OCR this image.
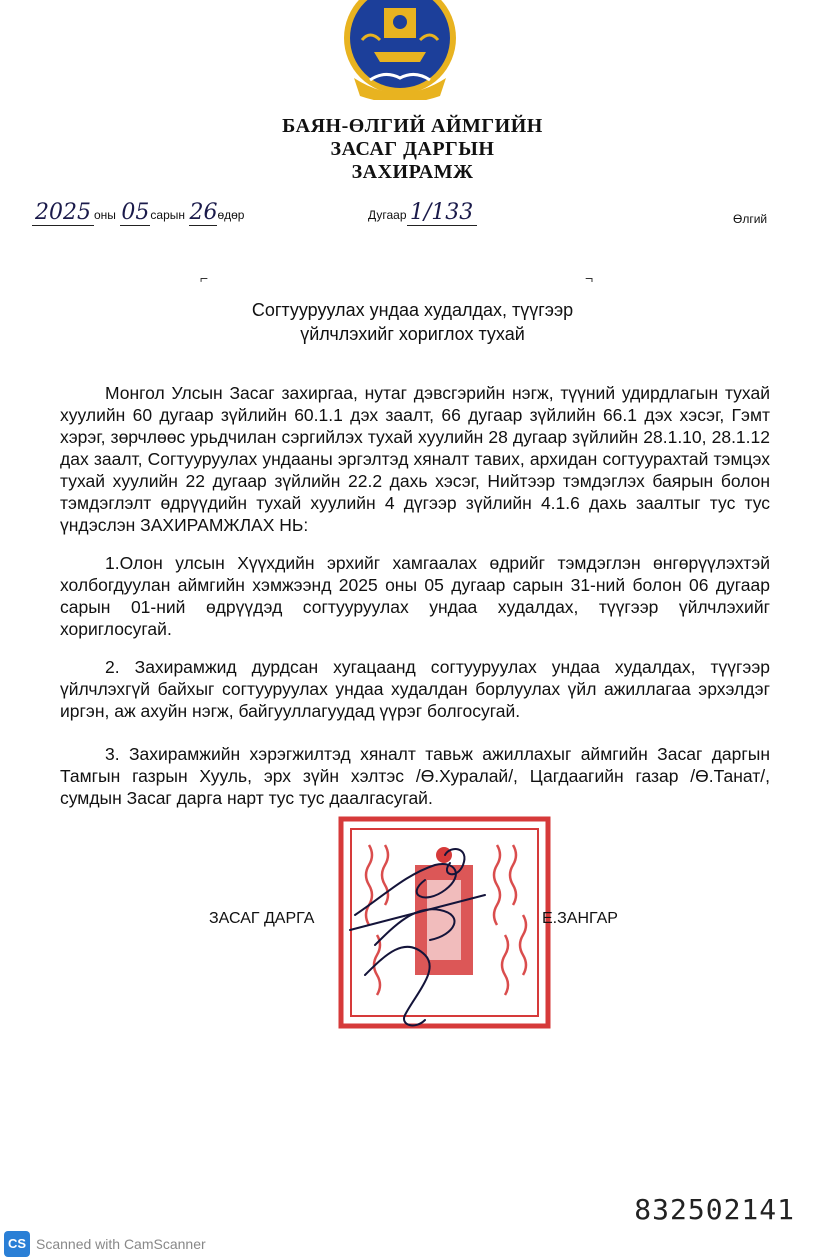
БАЯН-ӨЛГИЙ АЙМГИЙН
ЗАСАГ ДАРГЫН
ЗАХИРАМЖ
2025 оны 05сарын 26өдөр	Дугаар 1/133	Өлгий
⌐	¬
Согтууруулах ундаа худалдах, түүгээр
үйлчлэхийг хориглох тухай
Монгол Улсын Засаг захиргаа, нутаг дэвсгэрийн нэгж, түүний удирдлагын тухай хуулийн 60 дугаар зүйлийн 60.1.1 дэх заалт, 66 дугаар зүйлийн 66.1 дэх хэсэг, Гэмт хэрэг, зөрчлөөс урьдчилан сэргийлэх тухай хуулийн 28 дугаар зүйлийн 28.1.10, 28.1.12 дах заалт, Согтууруулах ундааны эргэлтэд хяналт тавих, архидан согтуурахтай тэмцэх тухай хуулийн 22 дугаар зүйлийн 22.2 дахь хэсэг, Нийтээр тэмдэглэх баярын болон тэмдэглэлт өдрүүдийн тухай хуулийн 4 дүгээр зүйлийн 4.1.6 дахь заалтыг тус тус үндэслэн ЗАХИРАМЖЛАХ НЬ:
1.Олон улсын Хүүхдийн эрхийг хамгаалах өдрийг тэмдэглэн өнгөрүүлэхтэй холбогдуулан аймгийн хэмжээнд 2025 оны 05 дугаар сарын 31-ний болон 06 дугаар сарын 01-ний өдрүүдэд согтууруулах ундаа худалдах, түүгээр үйлчлэхийг хориглосугай.
2. Захирамжид дурдсан хугацаанд согтууруулах ундаа худалдах, түүгээр үйлчлэхгүй байхыг согтууруулах ундаа худалдан борлуулах үйл ажиллагаа эрхэлдэг иргэн, аж ахуйн нэгж, байгууллагуудад үүрэг болгосугай.
3. Захирамжийн хэрэгжилтэд хяналт тавьж ажиллахыг аймгийн Засаг даргын Тамгын газрын Хууль, эрх зүйн хэлтэс /Ө.Хуралай/, Цагдаагийн газар /Ө.Танат/, сумдын Засаг дарга нарт тус тус даалгасугай.
ЗАСАГ ДАРГА	Е.ЗАНГАР
832502141
CS Scanned with CamScanner
